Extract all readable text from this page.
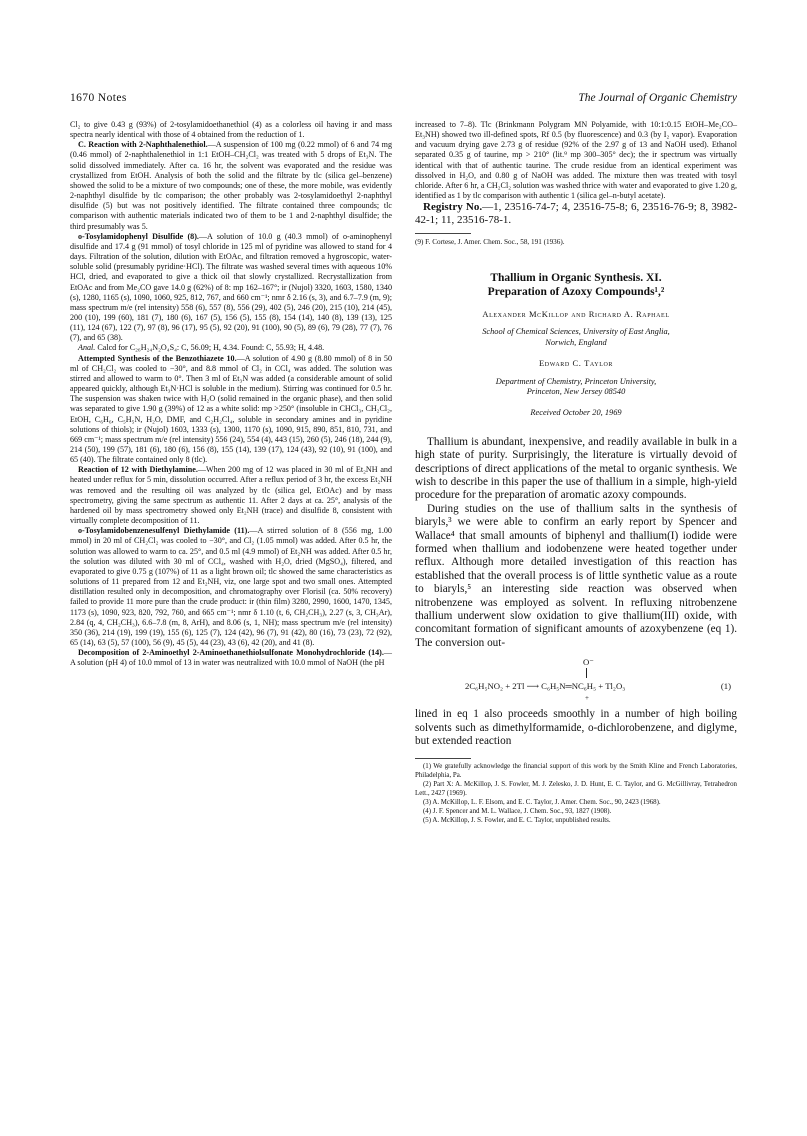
1670 Notes	The Journal of Organic Chemistry

Cl₂ to give 0.43 g (93%) of 2-tosylamidoethanethiol (4) as a colorless oil having ir and mass spectra nearly identical with those of 4 obtained from the reduction of 1.

C. Reaction with 2-Naphthalenethiol.—A suspension of 100 mg (0.22 mmol) of 6 and 74 mg (0.46 mmol) of 2-naphthalenethiol in 1:1 EtOH–CH₂Cl₂ was treated with 5 drops of Et₃N. The solid dissolved immediately. After ca. 16 hr, the solvent was evaporated and the residue was crystallized from EtOH. Analysis of both the solid and the filtrate by tlc (silica gel–benzene) showed the solid to be a mixture of two compounds; one of these, the more mobile, was evidently 2-naphthyl disulfide by tlc comparison; the other probably was 2-tosylamidoethyl 2-naphthyl disulfide (5) but was not positively identified. The filtrate contained three compounds; tlc comparison with authentic materials indicated two of them to be 1 and 2-naphthyl disulfide; the third presumably was 5.

o-Tosylamidophenyl Disulfide (8).—A solution of 10.0 g (40.3 mmol) of o-aminophenyl disulfide and 17.4 g (91 mmol) of tosyl chloride in 125 ml of pyridine was allowed to stand for 4 days. Filtration of the solution, dilution with EtOAc, and filtration removed a hygroscopic, water-soluble solid (presumably pyridine·HCl). The filtrate was washed several times with aqueous 10% HCl, dried, and evaporated to give a thick oil that slowly crystallized. Recrystallization from EtOAc and from Me₂CO gave 14.0 g (62%) of 8: mp 162–167°; ir (Nujol) 3320, 1603, 1580, 1340 (s), 1280, 1165 (s), 1090, 1060, 925, 812, 767, and 660 cm⁻¹; nmr δ 2.16 (s, 3), and 6.7–7.9 (m, 9); mass spectrum m/e (rel intensity) 558 (6), 557 (8), 556 (29), 402 (5), 246 (20), 215 (10), 214 (45), 200 (10), 199 (60), 181 (7), 180 (6), 167 (5), 156 (5), 155 (8), 154 (14), 140 (8), 139 (13), 125 (11), 124 (67), 122 (7), 97 (8), 96 (17), 95 (5), 92 (20), 91 (100), 90 (5), 89 (6), 79 (28), 77 (7), 76 (7), and 65 (38).

Anal. Calcd for C₂₆H₂₄N₂O₄S₄: C, 56.09; H, 4.34. Found: C, 55.93; H, 4.48.

Attempted Synthesis of the Benzothiazete 10.—A solution of 4.90 g (8.80 mmol) of 8 in 50 ml of CH₂Cl₂ was cooled to −30°, and 8.8 mmol of Cl₂ in CCl₄ was added. The solution was stirred and allowed to warm to 0°. Then 3 ml of Et₃N was added (a considerable amount of solid appeared quickly, although Et₃N·HCl is soluble in the medium). Stirring was continued for 0.5 hr. The suspension was shaken twice with H₂O (solid remained in the organic phase), and then solid was separated to give 1.90 g (39%) of 12 as a white solid: mp >250° (insoluble in CHCl₃, CH₂Cl₂, EtOH, C₆H₆, C₅H₅N, H₂O, DMF, and C₂H₂Cl₄, soluble in secondary amines and in pyridine solutions of thiols); ir (Nujol) 1603, 1333 (s), 1300, 1170 (s), 1090, 915, 890, 851, 810, 731, and 669 cm⁻¹; mass spectrum m/e (rel intensity) 556 (24), 554 (4), 443 (15), 260 (5), 246 (18), 244 (9), 214 (50), 199 (57), 181 (6), 180 (6), 156 (8), 155 (14), 139 (17), 124 (43), 92 (10), 91 (100), and 65 (40). The filtrate contained only 8 (tlc).

Reaction of 12 with Diethylamine.—When 200 mg of 12 was placed in 30 ml of Et₂NH and heated under reflux for 5 min, dissolution occurred. After a reflux period of 3 hr, the excess Et₂NH was removed and the resulting oil was analyzed by tlc (silica gel, EtOAc) and by mass spectrometry, giving the same spectrum as authentic 11. After 2 days at ca. 25°, analysis of the hardened oil by mass spectrometry showed only Et₂NH (trace) and disulfide 8, consistent with virtually complete decomposition of 11.

o-Tosylamidobenzenesulfenyl Diethylamide (11).—A stirred solution of 8 (556 mg, 1.00 mmol) in 20 ml of CH₂Cl₂ was cooled to −30°, and Cl₂ (1.05 mmol) was added. After 0.5 hr, the solution was allowed to warm to ca. 25°, and 0.5 ml (4.9 mmol) of Et₂NH was added. After 0.5 hr, the solution was diluted with 30 ml of CCl₄, washed with H₂O, dried (MgSO₄), filtered, and evaporated to give 0.75 g (107%) of 11 as a light brown oil; tlc showed the same characteristics as solutions of 11 prepared from 12 and Et₂NH, viz, one large spot and two small ones. Attempted distillation resulted only in decomposition, and chromatography over Florisil (ca. 50% recovery) failed to provide 11 more pure than the crude product: ir (thin film) 3280, 2990, 1600, 1470, 1345, 1173 (s), 1090, 923, 820, 792, 760, and 665 cm⁻¹; nmr δ 1.10 (t, 6, CH₂CH₃), 2.27 (s, 3, CH₃Ar), 2.84 (q, 4, CH₂CH₃), 6.6–7.8 (m, 8, ArH), and 8.06 (s, 1, NH); mass spectrum m/e (rel intensity) 350 (36), 214 (19), 199 (19), 155 (6), 125 (7), 124 (42), 96 (7), 91 (42), 80 (16), 73 (23), 72 (92), 65 (14), 63 (5), 57 (100), 56 (9), 45 (5), 44 (23), 43 (6), 42 (20), and 41 (8).

Decomposition of 2-Aminoethyl 2-Aminoethanethiolsulfonate Monohydrochloride (14).—A solution (pH 4) of 10.0 mmol of 13 in water was neutralized with 10.0 mmol of NaOH (the pH

increased to 7–8). Tlc (Brinkmann Polygram MN Polyamide, with 10:1:0.15 EtOH–Me₂CO–Et₃NH) showed two ill-defined spots, Rf 0.5 (by fluorescence) and 0.3 (by I₂ vapor). Evaporation and vacuum drying gave 2.73 g of residue (92% of the 2.97 g of 13 and NaOH used). Ethanol separated 0.35 g of taurine, mp > 210° (lit.⁹ mp 300–305° dec); the ir spectrum was virtually identical with that of authentic taurine. The crude residue from an identical experiment was dissolved in H₂O, and 0.80 g of NaOH was added. The mixture then was treated with tosyl chloride. After 6 hr, a CH₂Cl₂ solution was washed thrice with water and evaporated to give 1.20 g, identified as 1 by tlc comparison with authentic 1 (silica gel–n-butyl acetate).

Registry No.—1, 23516-74-7; 4, 23516-75-8; 6, 23516-76-9; 8, 3982-42-1; 11, 23516-78-1.

(9) F. Cortese, J. Amer. Chem. Soc., 58, 191 (1936).

Thallium in Organic Synthesis. XI.
Preparation of Azoxy Compounds¹,²
Alexander McKillop and Richard A. Raphael
School of Chemical Sciences, University of East Anglia,
Norwich, England
Edward C. Taylor
Department of Chemistry, Princeton University,
Princeton, New Jersey 08540
Received October 20, 1969

Thallium is abundant, inexpensive, and readily available in bulk in a high state of purity. Surprisingly, the literature is virtually devoid of descriptions of direct applications of the metal to organic synthesis. We wish to describe in this paper the use of thallium in a simple, high-yield procedure for the preparation of aromatic azoxy compounds.

During studies on the use of thallium salts in the synthesis of biaryls,³ we were able to confirm an early report by Spencer and Wallace⁴ that small amounts of biphenyl and thallium(I) iodide were formed when thallium and iodobenzene were heated together under reflux. Although more detailed investigation of this reaction has established that the overall process is of little synthetic value as a route to biaryls,⁵ an interesting side reaction was observed when nitrobenzene was employed as solvent. In refluxing nitrobenzene thallium underwent slow oxidation to give thallium(III) oxide, with concomitant formation of significant amounts of azoxybenzene (eq 1). The conversion out-

O⁻
2C₆H₅NO₂ + 2Tl ⟶ C₆H₅N═NC₆H₅ + Tl₂O₃
+
(1)

lined in eq 1 also proceeds smoothly in a number of high boiling solvents such as dimethylformamide, o-dichlorobenzene, and diglyme, but extended reaction

(1) We gratefully acknowledge the financial support of this work by the Smith Kline and French Laboratories, Philadelphia, Pa.

(2) Part X: A. McKillop, J. S. Fowler, M. J. Zelesko, J. D. Hunt, E. C. Taylor, and G. McGillivray, Tetrahedron Lett., 2427 (1969).

(3) A. McKillop, L. F. Elsom, and E. C. Taylor, J. Amer. Chem. Soc., 90, 2423 (1968).

(4) J. F. Spencer and M. L. Wallace, J. Chem. Soc., 93, 1827 (1908).

(5) A. McKillop, J. S. Fowler, and E. C. Taylor, unpublished results.
